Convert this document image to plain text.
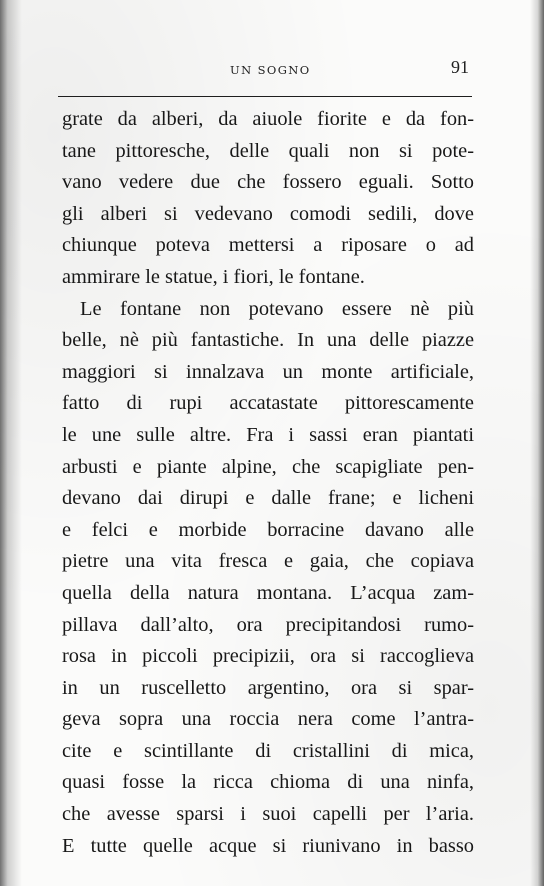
UN SOGNO	91
grate da alberi, da aiuole fiorite e da fon-
tane pittoresche, delle quali non si pote-
vano vedere due che fossero eguali. Sotto
gli alberi si vedevano comodi sedili, dove
chiunque poteva mettersi a riposare o ad
ammirare le statue, i fiori, le fontane.
Le fontane non potevano essere nè più
belle, nè più fantastiche. In una delle piazze
maggiori si innalzava un monte artificiale,
fatto di rupi accatastate pittorescamente
le une sulle altre. Fra i sassi eran piantati
arbusti e piante alpine, che scapigliate pen-
devano dai dirupi e dalle frane; e licheni
e felci e morbide borracine davano alle
pietre una vita fresca e gaia, che copiava
quella della natura montana. L’acqua zam-
pillava dall’alto, ora precipitandosi rumo-
rosa in piccoli precipizii, ora si raccoglieva
in un ruscelletto argentino, ora si spar-
geva sopra una roccia nera come l’antra-
cite e scintillante di cristallini di mica,
quasi fosse la ricca chioma di una ninfa,
che avesse sparsi i suoi capelli per l’aria.
E tutte quelle acque si riunivano in basso
